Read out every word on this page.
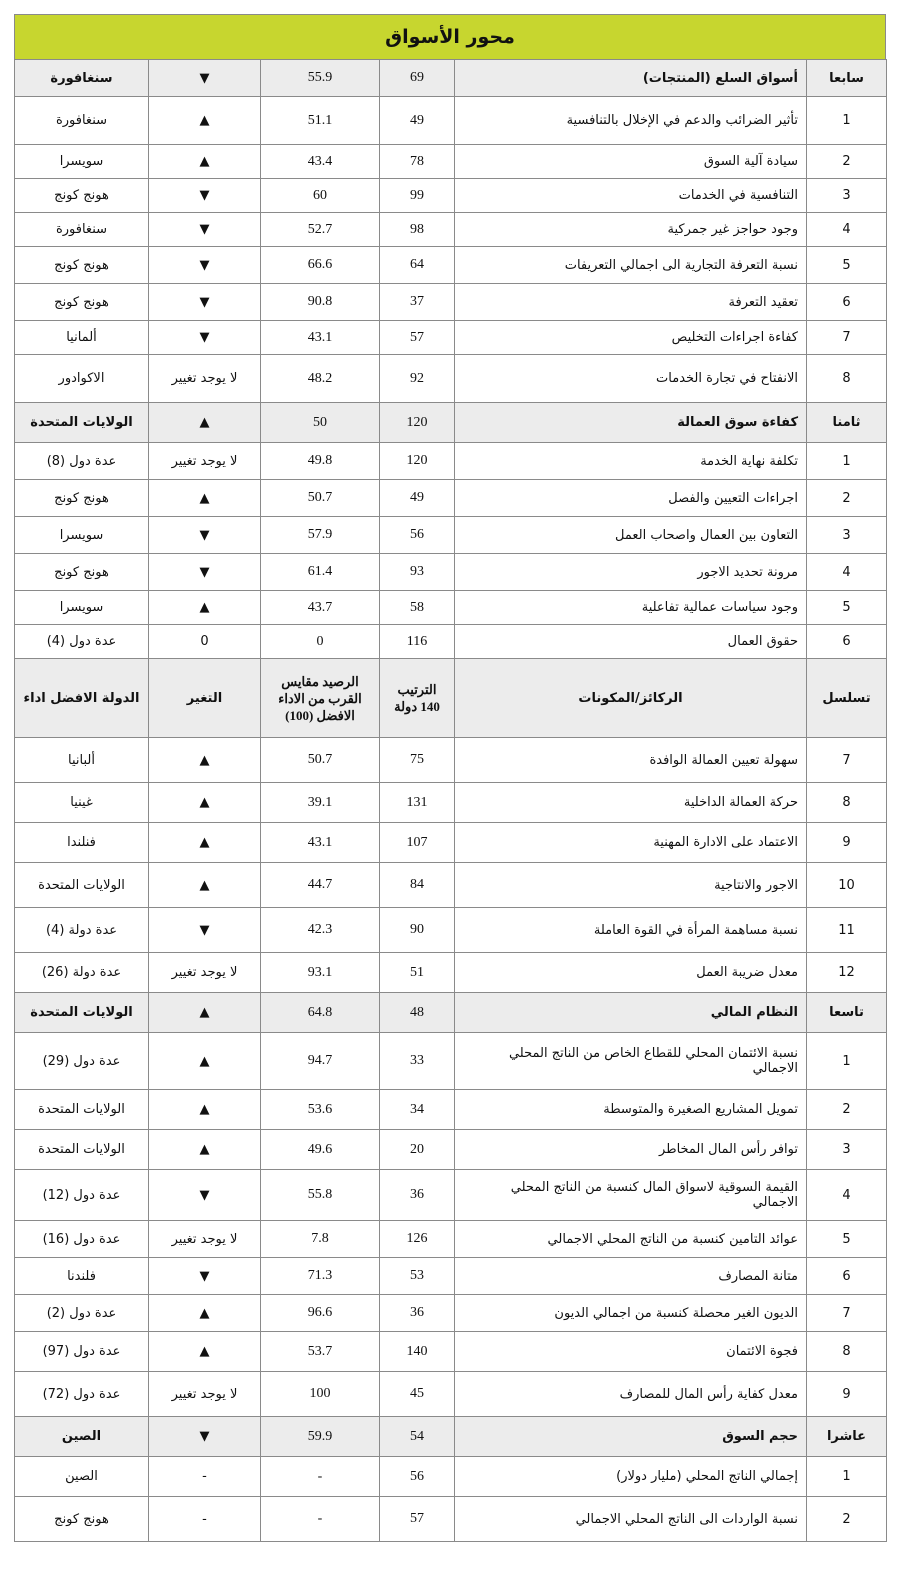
محور الأسواق
سنغافورة	▼	55.9	69	أسواق السلع (المنتجات)	سابعا
سنغافورة	▲	51.1	49	تأثير الضرائب والدعم في الإخلال بالتنافسية	1
سويسرا	▲	43.4	78	سيادة آلية السوق	2
هونج كونج	▼	60	99	التنافسية في الخدمات	3
سنغافورة	▼	52.7	98	وجود حواجز غير جمركية	4
هونج كونج	▼	66.6	64	نسبة التعرفة التجارية الى اجمالي التعريفات	5
هونج كونج	▼	90.8	37	تعقيد التعرفة	6
ألمانيا	▼	43.1	57	كفاءة اجراءات التخليص	7
الاكوادور	لا يوجد تغيير	48.2	92	الانفتاح في تجارة الخدمات	8
الولايات المتحدة	▲	50	120	كفاءة سوق العمالة	ثامنا
عدة دول (8)	لا يوجد تغيير	49.8	120	تكلفة نهاية الخدمة	1
هونج كونج	▲	50.7	49	اجراءات التعيين والفصل	2
سويسرا	▼	57.9	56	التعاون بين العمال واصحاب العمل	3
هونج كونج	▼	61.4	93	مرونة تحديد الاجور	4
سويسرا	▲	43.7	58	وجود سياسات عمالية تفاعلية	5
عدة دول (4)	0	0	116	حقوق العمال	6
الدولة الافضل اداء	التغير	الرصيد مقايس القرب من الاداء الافضل (100)	الترتيب 140 دولة	الركائز/المكونات	تسلسل
ألبانيا	▲	50.7	75	سهولة تعيين العمالة الوافدة	7
غينيا	▲	39.1	131	حركة العمالة الداخلية	8
فنلندا	▲	43.1	107	الاعتماد على الادارة المهنية	9
الولايات المتحدة	▲	44.7	84	الاجور والانتاجية	10
عدة دولة (4)	▼	42.3	90	نسبة مساهمة المرأة في القوة العاملة	11
عدة دولة (26)	لا يوجد تغيير	93.1	51	معدل ضريبة العمل	12
الولايات المتحدة	▲	64.8	48	النظام المالي	تاسعا
عدة دول (29)	▲	94.7	33	نسبة الائتمان المحلي للقطاع الخاص من الناتج المحلي الاجمالي	1
الولايات المتحدة	▲	53.6	34	تمويل المشاريع الصغيرة والمتوسطة	2
الولايات المتحدة	▲	49.6	20	توافر رأس المال المخاطر	3
عدة دول (12)	▼	55.8	36	القيمة السوقية لاسواق المال كنسبة من الناتج المحلي الاجمالي	4
عدة دول (16)	لا يوجد تغيير	7.8	126	عوائد التامين كنسبة من الناتج المحلي الاجمالي	5
فلندنا	▼	71.3	53	متانة المصارف	6
عدة دول (2)	▲	96.6	36	الديون الغير محصلة كنسبة من اجمالي الديون	7
عدة دول (97)	▲	53.7	140	فجوة الائتمان	8
عدة دول (72)	لا يوجد تغيير	100	45	معدل كفاية رأس المال للمصارف	9
الصين	▼	59.9	54	حجم السوق	عاشرا
الصين	-	-	56	إجمالي الناتج المحلي (مليار دولار)	1
هونج كونج	-	-	57	نسبة الواردات الى الناتج المحلي الاجمالي	2
